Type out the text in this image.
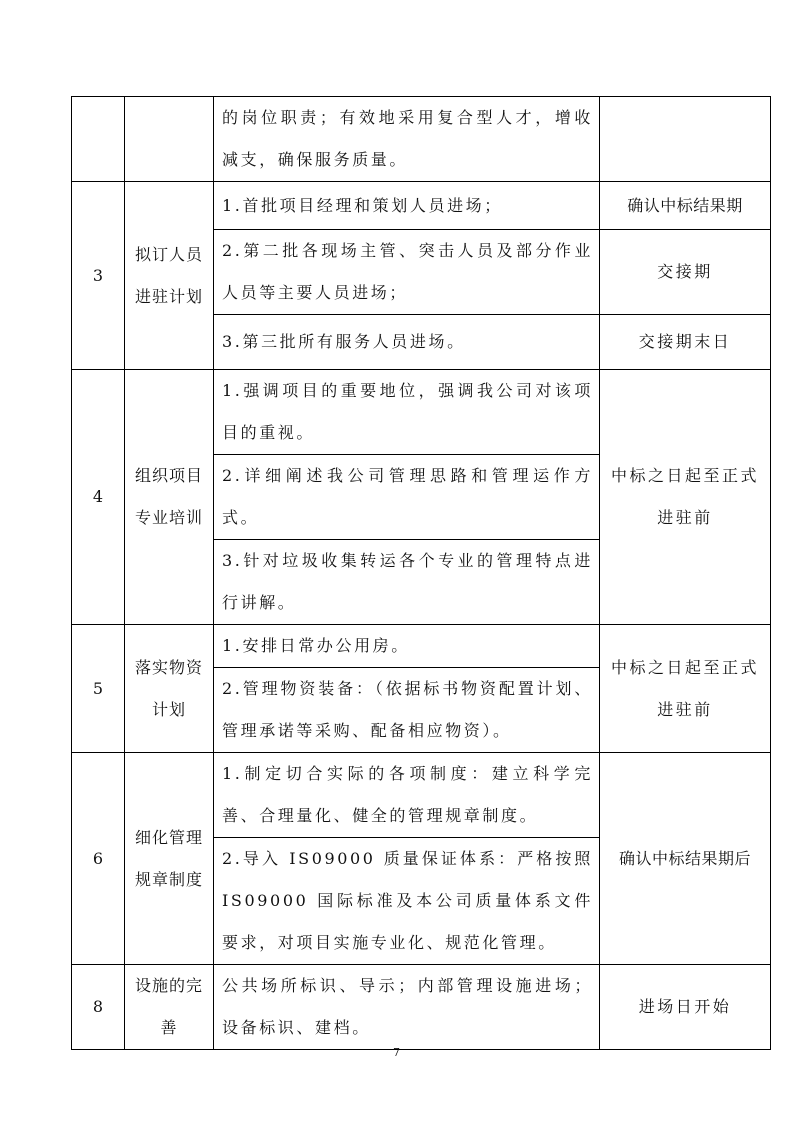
		的岗位职责；有效地采用复合型人才，增收减支，确保服务质量。	
3	拟订人员进驻计划	1.首批项目经理和策划人员进场；	确认中标结果期
		2.第二批各现场主管、突击人员及部分作业人员等主要人员进场；	交接期
		3.第三批所有服务人员进场。	交接期末日
4	组织项目专业培训	1.强调项目的重要地位，强调我公司对该项目的重视。	中标之日起至正式进驻前
		2.详细阐述我公司管理思路和管理运作方式。	
		3.针对垃圾收集转运各个专业的管理特点进行讲解。	
5	落实物资计划	1.安排日常办公用房。	中标之日起至正式进驻前
		2.管理物资装备：（依据标书物资配置计划、管理承诺等采购、配备相应物资）。	
6	细化管理规章制度	1.制定切合实际的各项制度：建立科学完善、合理量化、健全的管理规章制度。	确认中标结果期后
		2.导入 IS09000 质量保证体系：严格按照 IS09000 国际标准及本公司质量体系文件要求，对项目实施专业化、规范化管理。	
8	设施的完善	公共场所标识、导示；内部管理设施进场；设备标识、建档。	进场日开始
7
